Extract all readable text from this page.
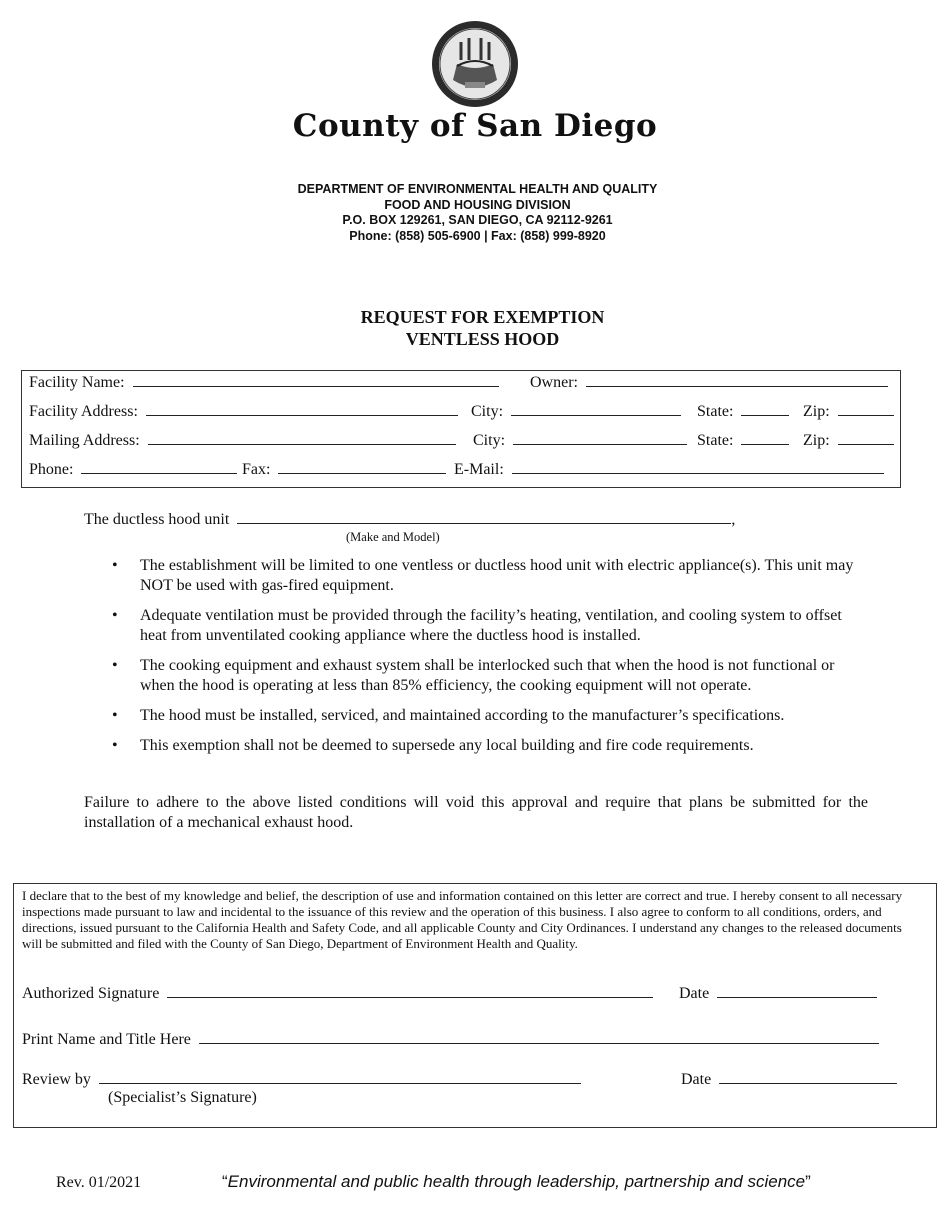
County of San Diego
DEPARTMENT OF ENVIRONMENTAL HEALTH AND QUALITY
FOOD AND HOUSING DIVISION
P.O. BOX 129261, SAN DIEGO, CA 92112-9261
Phone: (858) 505-6900 | Fax: (858) 999-8920
REQUEST FOR EXEMPTION
VENTLESS HOOD
Facility Name:	Owner:
Facility Address:	City:	State:	Zip:
Mailing Address:	City:	State:	Zip:
Phone:	Fax:	E-Mail:
The ductless hood unit	,
(Make and Model)
• The establishment will be limited to one ventless or ductless hood unit with electric appliance(s). This unit may NOT be used with gas-fired equipment.
• Adequate ventilation must be provided through the facility’s heating, ventilation, and cooling system to offset heat from unventilated cooking appliance where the ductless hood is installed.
• The cooking equipment and exhaust system shall be interlocked such that when the hood is not functional or when the hood is operating at less than 85% efficiency, the cooking equipment will not operate.
• The hood must be installed, serviced, and maintained according to the manufacturer’s specifications.
• This exemption shall not be deemed to supersede any local building and fire code requirements.
Failure to adhere to the above listed conditions will void this approval and require that plans be submitted for the installation of a mechanical exhaust hood.
I declare that to the best of my knowledge and belief, the description of use and information contained on this letter are correct and true. I hereby consent to all necessary inspections made pursuant to law and incidental to the issuance of this review and the operation of this business. I also agree to conform to all conditions, orders, and directions, issued pursuant to the California Health and Safety Code, and all applicable County and City Ordinances. I understand any changes to the released documents will be submitted and filed with the County of San Diego, Department of Environment Health and Quality.
Authorized Signature	Date
Print Name and Title Here
Review by	Date
(Specialist’s Signature)
Rev. 01/2021	“Environmental and public health through leadership, partnership and science”
